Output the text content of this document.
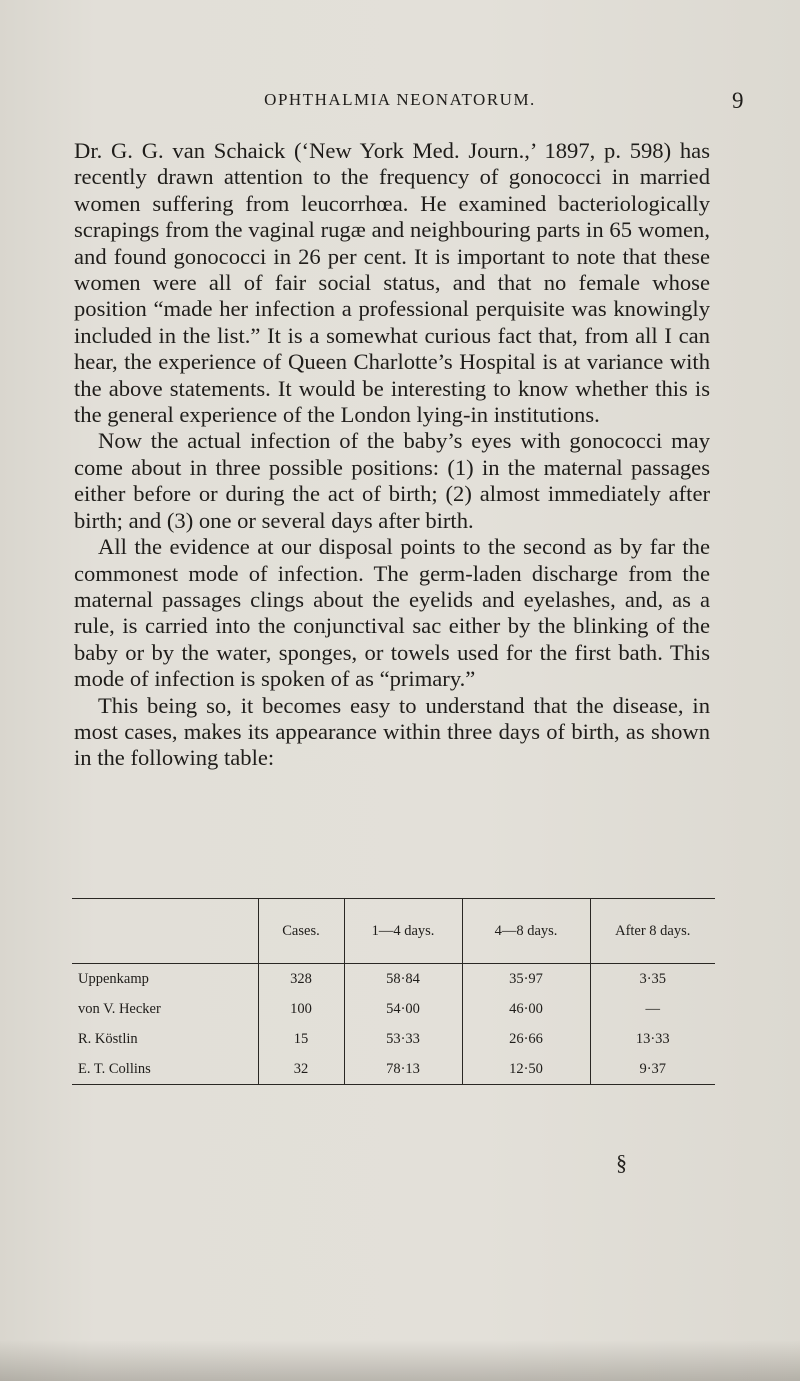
OPHTHALMIA NEONATORUM.	9

Dr. G. G. van Schaick (‘New York Med. Journ.,’ 1897, p. 598) has recently drawn attention to the frequency of gonococci in married women suffering from leucorrhœa. He examined bacteriologically scrapings from the vaginal rugæ and neighbouring parts in 65 women, and found gonococci in 26 per cent. It is important to note that these women were all of fair social status, and that no female whose position “made her infection a professional perquisite was knowingly included in the list.” It is a somewhat curious fact that, from all I can hear, the experience of Queen Charlotte’s Hospital is at variance with the above statements. It would be interesting to know whether this is the general experience of the London lying-in institutions.

Now the actual infection of the baby’s eyes with gonococci may come about in three possible positions: (1) in the maternal passages either before or during the act of birth; (2) almost immediately after birth; and (3) one or several days after birth.

All the evidence at our disposal points to the second as by far the commonest mode of infection. The germ-laden discharge from the maternal passages clings about the eyelids and eyelashes, and, as a rule, is carried into the conjunctival sac either by the blinking of the baby or by the water, sponges, or towels used for the first bath. This mode of infection is spoken of as “primary.”

This being so, it becomes easy to understand that the disease, in most cases, makes its appearance within three days of birth, as shown in the following table:

	Cases.	1—4 days.	4—8 days.	After 8 days.
Uppenkamp	328	58·84	35·97	3·35
von V. Hecker	100	54·00	46·00	—
R. Köstlin	15	53·33	26·66	13·33
E. T. Collins	32	78·13	12·50	9·37
§
